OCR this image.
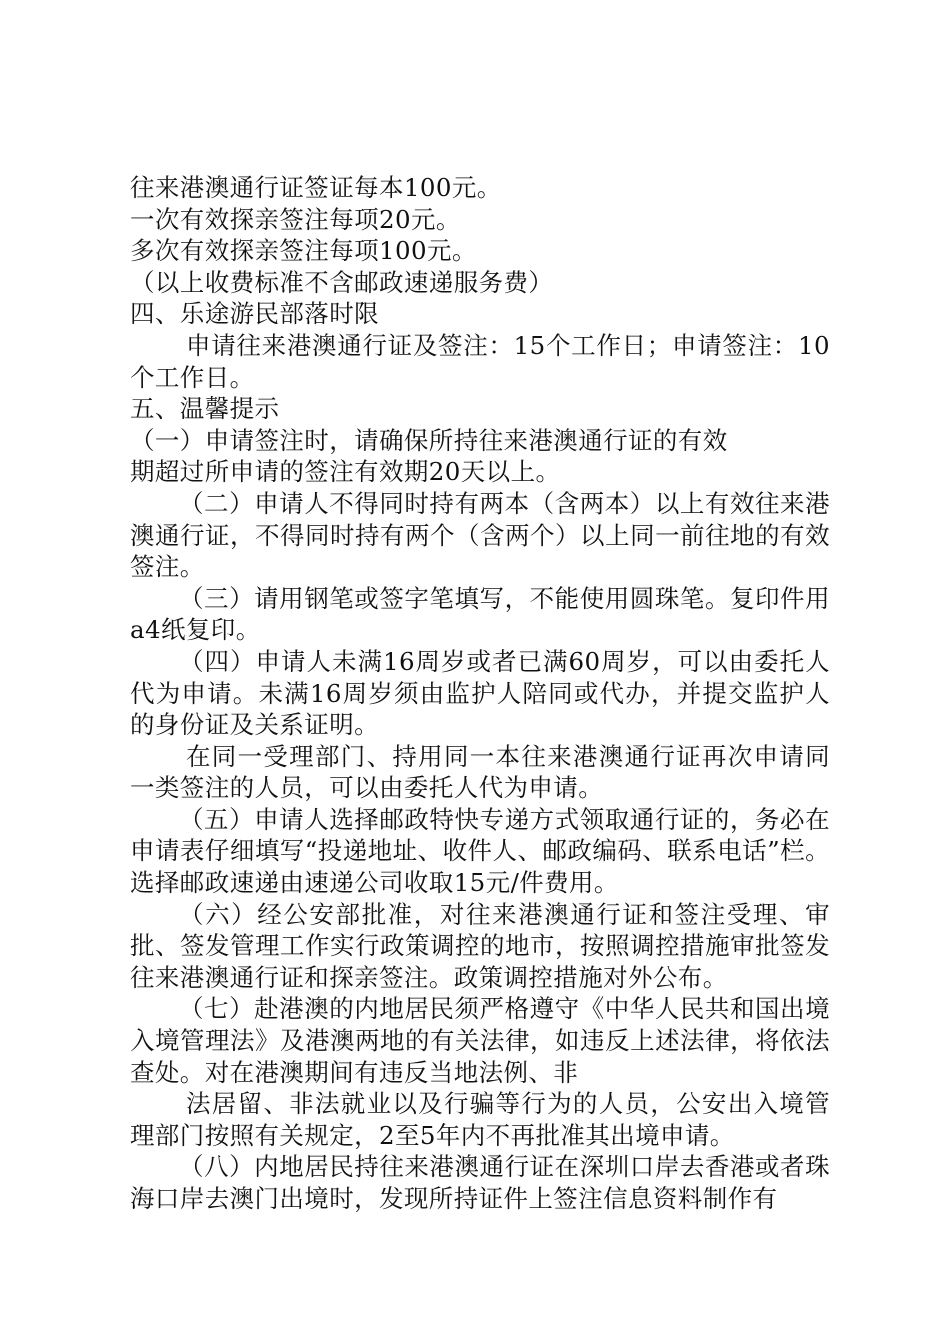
往来港澳通行证签证每本100元。

一次有效探亲签注每项20元。

多次有效探亲签注每项100元。

（以上收费标准不含邮政速递服务费）

四、乐途游民部落时限

申请往来港澳通行证及签注：15个工作日；申请签注：10个工作日。

五、温馨提示

（一）申请签注时，请确保所持往来港澳通行证的有效

期超过所申请的签注有效期20天以上。

（二）申请人不得同时持有两本（含两本）以上有效往来港澳通行证，不得同时持有两个（含两个）以上同一前往地的有效签注。

（三）请用钢笔或签字笔填写，不能使用圆珠笔。复印件用a4纸复印。

（四）申请人未满16周岁或者已满60周岁，可以由委托人代为申请。未满16周岁须由监护人陪同或代办，并提交监护人的身份证及关系证明。

在同一受理部门、持用同一本往来港澳通行证再次申请同一类签注的人员，可以由委托人代为申请。

（五）申请人选择邮政特快专递方式领取通行证的，务必在申请表仔细填写“投递地址、收件人、邮政编码、联系电话”栏。选择邮政速递由速递公司收取15元/件费用。

（六）经公安部批准，对往来港澳通行证和签注受理、审批、签发管理工作实行政策调控的地市，按照调控措施审批签发往来港澳通行证和探亲签注。政策调控措施对外公布。

（七）赴港澳的内地居民须严格遵守《中华人民共和国出境入境管理法》及港澳两地的有关法律，如违反上述法律，将依法查处。对在港澳期间有违反当地法例、非

法居留、非法就业以及行骗等行为的人员，公安出入境管理部门按照有关规定，2至5年内不再批准其出境申请。

（八）内地居民持往来港澳通行证在深圳口岸去香港或者珠海口岸去澳门出境时，发现所持证件上签注信息资料制作有
